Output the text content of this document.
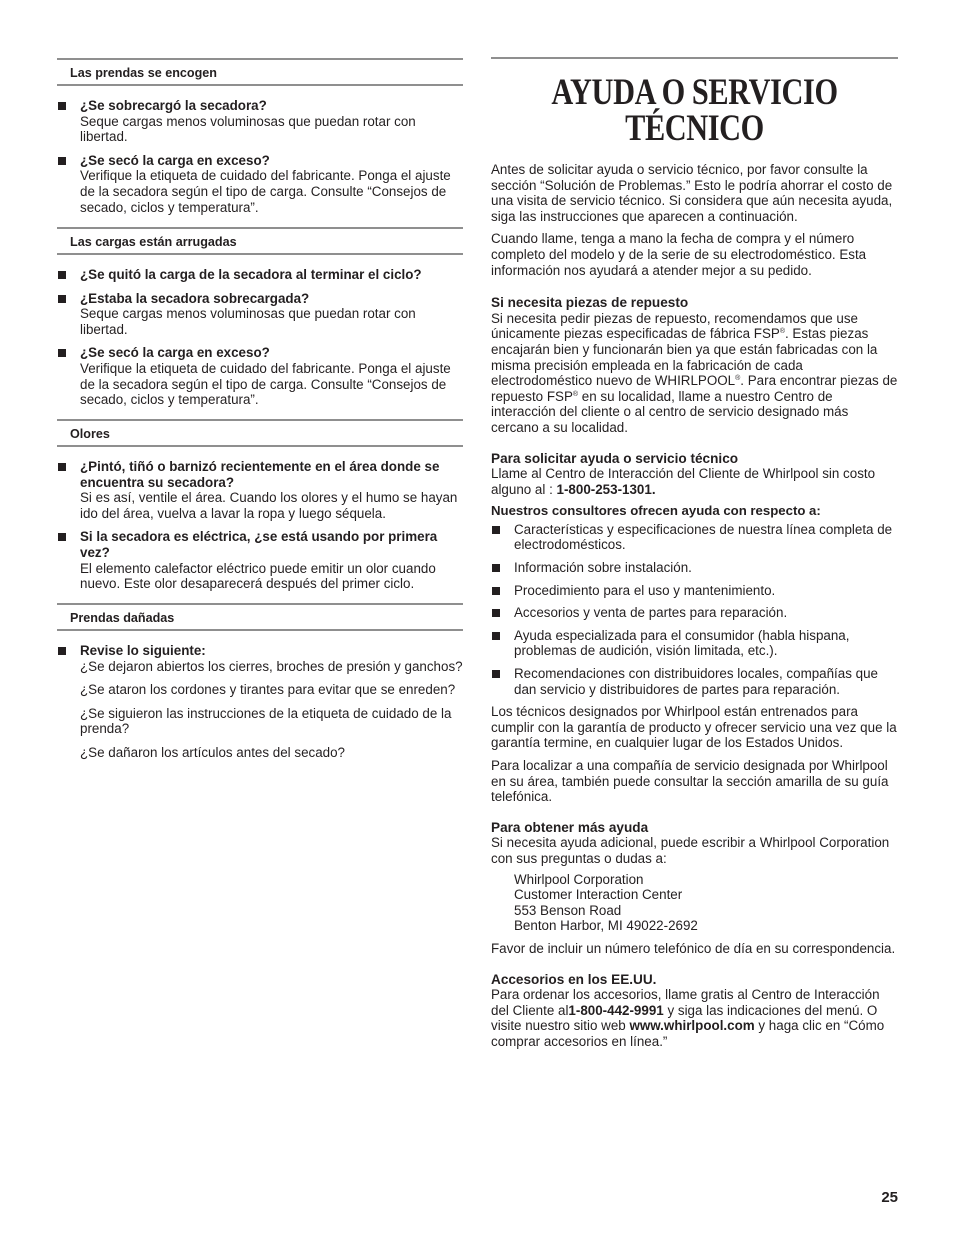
Las prendas se encogen
¿Se sobrecargó la secadora?
Seque cargas menos voluminosas que puedan rotar con libertad.
¿Se secó la carga en exceso?
Verifique la etiqueta de cuidado del fabricante. Ponga el ajuste de la secadora según el tipo de carga. Consulte “Consejos de secado, ciclos y temperatura”.
Las cargas están arrugadas
¿Se quitó la carga de la secadora al terminar el ciclo?
¿Estaba la secadora sobrecargada?
Seque cargas menos voluminosas que puedan rotar con libertad.
¿Se secó la carga en exceso?
Verifique la etiqueta de cuidado del fabricante. Ponga el ajuste de la secadora según el tipo de carga. Consulte “Consejos de secado, ciclos y temperatura”.
Olores
¿Pintó, tiñó o barnizó recientemente en el área donde se encuentra su secadora?
Si es así, ventile el área. Cuando los olores y el humo se hayan ido del área, vuelva a lavar la ropa y luego séquela.
Si la secadora es eléctrica, ¿se está usando por primera vez?
El elemento calefactor eléctrico puede emitir un olor cuando nuevo. Este olor desaparecerá después del primer ciclo.
Prendas dañadas
Revise lo siguiente:
¿Se dejaron abiertos los cierres, broches de presión y ganchos?
¿Se ataron los cordones y tirantes para evitar que se enreden?
¿Se siguieron las instrucciones de la etiqueta de cuidado de la prenda?
¿Se dañaron los artículos antes del secado?
AYUDA O SERVICIO
TÉCNICO

Antes de solicitar ayuda o servicio técnico, por favor consulte la sección “Solución de Problemas.” Esto le podría ahorrar el costo de una visita de servicio técnico. Si considera que aún necesita ayuda, siga las instrucciones que aparecen a continuación.

Cuando llame, tenga a mano la fecha de compra y el número completo del modelo y de la serie de su electrodoméstico. Esta información nos ayudará a atender mejor a su pedido.

Si necesita piezas de repuesto

Si necesita pedir piezas de repuesto, recomendamos que use únicamente piezas especificadas de fábrica FSP®. Estas piezas encajarán bien y funcionarán bien ya que están fabricadas con la misma precisión empleada en la fabricación de cada electrodoméstico nuevo de WHIRLPOOL®. Para encontrar piezas de repuesto FSP® en su localidad, llame a nuestro Centro de interacción del cliente o al centro de servicio designado más cercano a su localidad.

Para solicitar ayuda o servicio técnico

Llame al Centro de Interacción del Cliente de Whirlpool sin costo alguno al : 1-800-253-1301.

Nuestros consultores ofrecen ayuda con respecto a:

Características y especificaciones de nuestra línea completa de electrodomésticos.
Información sobre instalación.
Procedimiento para el uso y mantenimiento.
Accesorios y venta de partes para reparación.
Ayuda especializada para el consumidor (habla hispana, problemas de audición, visión limitada, etc.).
Recomendaciones con distribuidores locales, compañías que dan servicio y distribuidores de partes para reparación.

Los técnicos designados por Whirlpool están entrenados para cumplir con la garantía de producto y ofrecer servicio una vez que la garantía termine, en cualquier lugar de los Estados Unidos.

Para localizar a una compañía de servicio designada por Whirlpool en su área, también puede consultar la sección amarilla de su guía telefónica.

Para obtener más ayuda

Si necesita ayuda adicional, puede escribir a Whirlpool Corporation con sus preguntas o dudas a:

Whirlpool Corporation
Customer Interaction Center
553 Benson Road
Benton Harbor, MI 49022-2692

Favor de incluir un número telefónico de día en su correspondencia.

Accesorios en los EE.UU.

Para ordenar los accesorios, llame gratis al Centro de Interacción del Cliente al1-800-442-9991 y siga las indicaciones del menú. O visite nuestro sitio web www.whirlpool.com y haga clic en “Cómo comprar accesorios en línea.”

25
